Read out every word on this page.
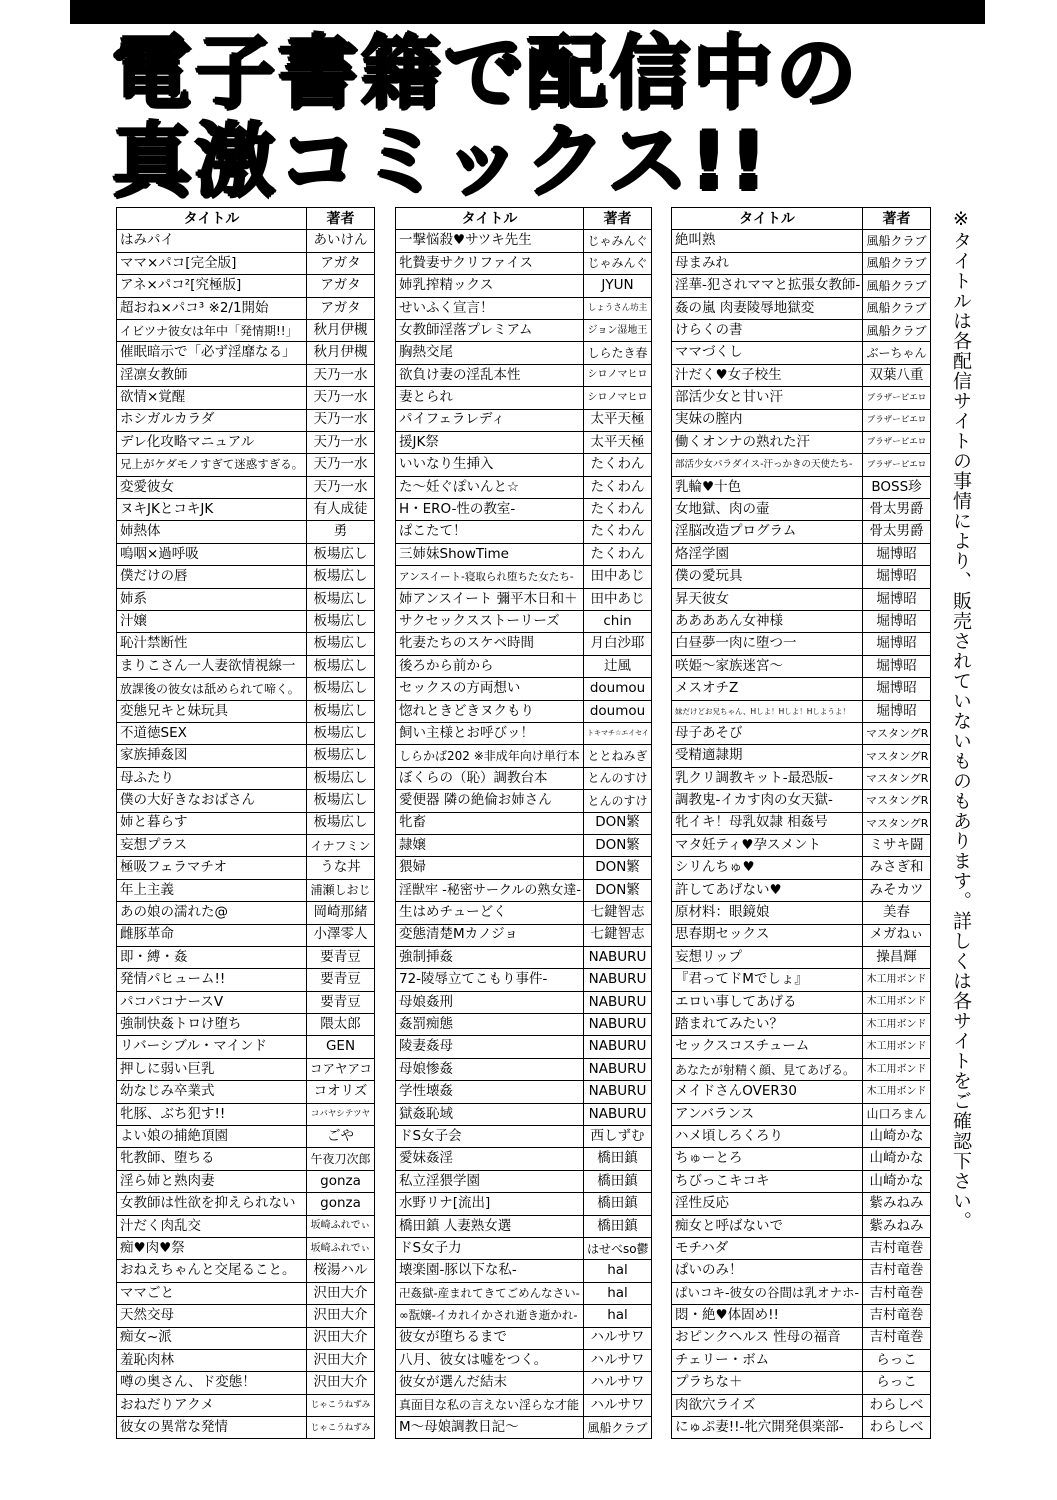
電子書籍で配信中の
真激コミックス!!
タイトル	著者
はみパイ	あいけん
ママ×パコ[完全版]	アガタ
アネ×パコ²[究極版]	アガタ
超おね×パコ³ ※2/1開始	アガタ
イビツナ彼女は年中「発情期!!」	秋月伊槻
催眠暗示で「必ず淫靡なる」	秋月伊槻
淫凛女教師	天乃一水
欲情×覚醒	天乃一水
ホシガルカラダ	天乃一水
デレ化攻略マニュアル	天乃一水
兄上がケダモノすぎて迷惑すぎる。	天乃一水
変愛彼女	天乃一水
ヌキJKとコキJK	有人成徒
姉熱体	勇
嗚咽×過呼吸	板場広し
僕だけの唇	板場広し
姉系	板場広し
汁嬢	板場広し
恥汁禁断性	板場広し
まりこさん一人妻欲情視線一	板場広し
放課後の彼女は舐められて啼く。	板場広し
変態兄キと妹玩具	板場広し
不道徳SEX	板場広し
家族挿姦図	板場広し
母ふたり	板場広し
僕の大好きなおばさん	板場広し
姉と暮らす	板場広し
妄想プラス	イナフミン
極吸フェラマチオ	うな丼
年上主義	浦瀬しおじ
あの娘の濡れた@	岡崎那緒
雌豚革命	小澤零人
即・縛・姦	要青豆
発情パヒューム!!	要青豆
パコパコナースV	要青豆
強制快姦トロけ堕ち	隈太郎
リバーシブル・マインド	GEN
押しに弱い巨乳	コアヤアコ
幼なじみ卒業式	コオリズ
牝豚、ぶち犯す!!	コバヤシテツヤ
よい娘の捕絶頂園	ごや
牝教師、堕ちる	午夜刀次郎
淫ら姉と熟肉妻	gonza
女教師は性欲を抑えられない	gonza
汁だく肉乱交	坂崎ふれでぃ
痴♥肉♥祭	坂崎ふれでぃ
おねえちゃんと交尾ること。	桜湯ハル
ママごと	沢田大介
天然交母	沢田大介
痴女~派	沢田大介
羞恥肉林	沢田大介
噂の奥さん、ド変態！	沢田大介
おねだりアクメ	じゃこうねずみ
彼女の異常な発情	じゃこうねずみ
タイトル	著者
一撃悩殺♥サツキ先生	じゃみんぐ
牝贄妻サクリファイス	じゃみんぐ
姉乳搾精ックス	JYUN
せいふく宣言！	しょうさん坊主
女教師淫落プレミアム	ジョン湿地王
胸熱交尾	しらたき春
欲負け妻の淫乱本性	シロノマヒロ
妻とられ	シロノマヒロ
パイフェラレディ	太平天極
援JK祭	太平天極
いいなり生挿入	たくわん
た～妊ぐぽいんと☆	たくわん
H・ERO-性の教室-	たくわん
ぱこたて！	たくわん
三姉妹ShowTime	たくわん
アンスイート-寝取られ堕ちた女たち-	田中あじ
姉アンスイート 彌平木日和＋	田中あじ
サクセックスストーリーズ	chin
牝妻たちのスケベ時間	月白沙耶
後ろから前から	辻風
セックスの方両想い	doumou
惚れときどきヌクもり	doumou
飼い主様とお呼びッ！	トキマチ☆エイセイ
しらかば202 ※非成年向け単行本	ととねみぎ
ぼくらの（恥）調教台本	とんのすけ
愛便器 隣の絶倫お姉さん	とんのすけ
牝畜	DON繁
隷嬢	DON繁
猥婦	DON繁
淫獣牢 -秘密サークルの熟女達-	DON繁
生はめチューどく	七鍵智志
変態清楚Mカノジョ	七鍵智志
強制挿姦	NABURU
72-陵辱立てこもり事件-	NABURU
母娘姦刑	NABURU
姦罰痴態	NABURU
陵妻姦母	NABURU
母娘惨姦	NABURU
学性壊姦	NABURU
獄姦恥域	NABURU
ドS女子会	西しずむ
愛妹姦淫	橋田鎮
私立淫猥学園	橋田鎮
水野リナ[流出]	橋田鎮
橋田鎮 人妻熟女選	橋田鎮
ドS女子力	はせべso鬱
壊楽園-豚以下な私-	hal
卍姦獄-産まれてきてごめんなさい-	hal
∞翫嬢-イカれイかされ逝き逝かれ-	hal
彼女が堕ちるまで	ハルサワ
八月、彼女は嘘をつく。	ハルサワ
彼女が選んだ結末	ハルサワ
真面目な私の言えない淫らな才能	ハルサワ
M～母娘調教日記～	風船クラブ
タイトル	著者
絶叫熟	風船クラブ
母まみれ	風船クラブ
淫華-犯されママと拡張女教師-	風船クラブ
姦の嵐 肉妻陵辱地獄変	風船クラブ
けらくの書	風船クラブ
ママづくし	ぶーちゃん
汁だく♥女子校生	双葉八重
部活少女と甘い汗	ブラザーピエロ
実妹の膣内	ブラザーピエロ
働くオンナの熟れた汗	ブラザーピエロ
部活少女パラダイス-汗っかきの天使たち-	ブラザーピエロ
乳輪♥十色	BOSS珍
女地獄、肉の壷	骨太男爵
淫脳改造プログラム	骨太男爵
烙淫学園	堀博昭
僕の愛玩具	堀博昭
昇天彼女	堀博昭
ああああん女神様	堀博昭
白昼夢一肉に堕つ一	堀博昭
咲姫～家族迷宮～	堀博昭
メスオチZ	堀博昭
妹だけどお兄ちゃん、Hしよ！Hしよ！Hしようよ！	堀博昭
母子あそび	マスタングR
受精適隷期	マスタングR
乳クリ調教キット-最恐版-	マスタングR
調教鬼-イカす肉の女天獄-	マスタングR
牝イキ！母乳奴隷 相姦号	マスタングR
マタ妊ティ♥孕スメント	ミサキ闘
シリんちゅ♥	みさぎ和
許してあげない♥	みそカツ
原材料：眼鏡娘	美春
思春期セックス	メガねぃ
妄想リップ	操昌輝
『君ってドMでしょ』	木工用ボンド
エロい事してあげる	木工用ボンド
踏まれてみたい？	木工用ボンド
セックスコスチューム	木工用ボンド
あなたが射精く顔、見てあげる。	木工用ボンド
メイドさんOVER30	木工用ボンド
アンバランス	山口ろまん
ハメ頃しろくろり	山崎かな
ちゅーとろ	山崎かな
ちびっこキコキ	山崎かな
淫性反応	紫みねみ
痴女と呼ばないで	紫みねみ
モチハダ	吉村竜巻
ぱいのみ！	吉村竜巻
ぱいコキ-彼女の谷間は乳オナホ-	吉村竜巻
悶・絶♥体固め!!	吉村竜巻
おピンクヘルス 性母の福音	吉村竜巻
チェリー・ボム	らっこ
プラちな＋	らっこ
肉欲穴ライズ	わらしべ
にゅぷ妻!!-牝穴開発倶楽部-	わらしべ
※タイトルは各配信サイトの事情により、販売されていないものもあります。詳しくは各サイトをご確認下さい。
